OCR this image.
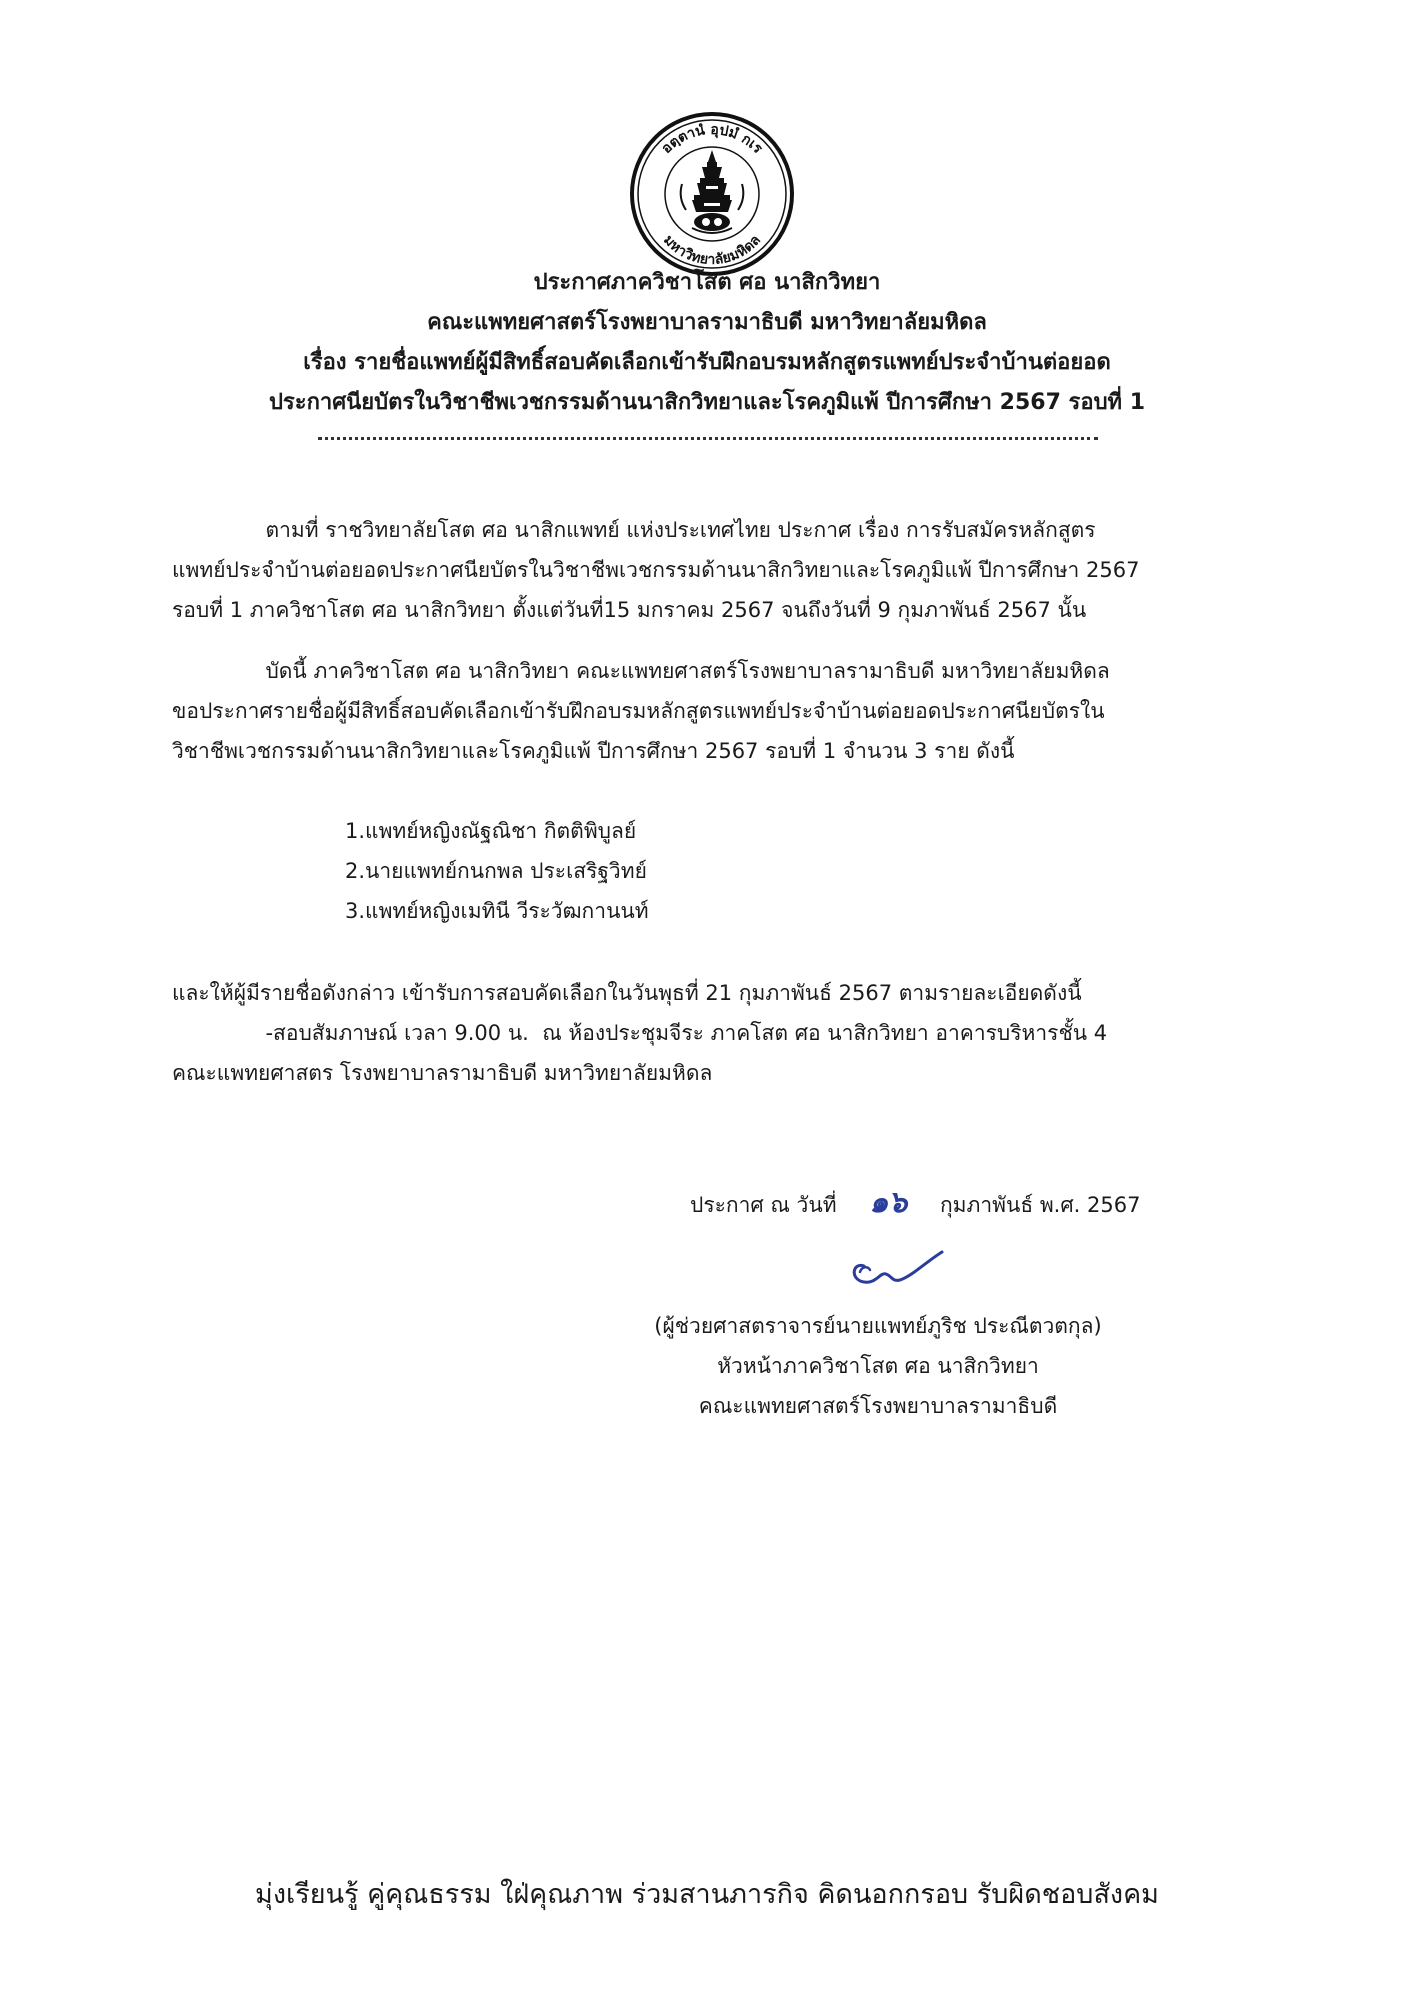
อตฺตานํ อุปมํ กเร
มหาวิทยาลัยมหิดล
ประกาศภาควิชาโสต ศอ นาสิกวิทยา
คณะแพทยศาสตร์โรงพยาบาลรามาธิบดี มหาวิทยาลัยมหิดล
เรื่อง รายชื่อแพทย์ผู้มีสิทธิ์สอบคัดเลือกเข้ารับฝึกอบรมหลักสูตรแพทย์ประจำบ้านต่อยอด
ประกาศนียบัตรในวิชาชีพเวชกรรมด้านนาสิกวิทยาและโรคภูมิแพ้ ปีการศึกษา 2567 รอบที่ 1
ตามที่ ราชวิทยาลัยโสต ศอ นาสิกแพทย์ แห่งประเทศไทย ประกาศ เรื่อง การรับสมัครหลักสูตร
แพทย์ประจำบ้านต่อยอดประกาศนียบัตรในวิชาชีพเวชกรรมด้านนาสิกวิทยาและโรคภูมิแพ้ ปีการศึกษา 2567
รอบที่ 1 ภาควิชาโสต ศอ นาสิกวิทยา ตั้งแต่วันที่15 มกราคม 2567 จนถึงวันที่ 9 กุมภาพันธ์ 2567 นั้น
บัดนี้ ภาควิชาโสต ศอ นาสิกวิทยา คณะแพทยศาสตร์โรงพยาบาลรามาธิบดี มหาวิทยาลัยมหิดล
ขอประกาศรายชื่อผู้มีสิทธิ์สอบคัดเลือกเข้ารับฝึกอบรมหลักสูตรแพทย์ประจำบ้านต่อยอดประกาศนียบัตรใน
วิชาชีพเวชกรรมด้านนาสิกวิทยาและโรคภูมิแพ้ ปีการศึกษา 2567 รอบที่ 1 จำนวน 3 ราย ดังนี้
1.แพทย์หญิงณัฐณิชา กิตติพิบูลย์
2.นายแพทย์กนกพล ประเสริฐวิทย์
3.แพทย์หญิงเมทินี วีระวัฒกานนท์
และให้ผู้มีรายชื่อดังกล่าว เข้ารับการสอบคัดเลือกในวันพุธที่ 21 กุมภาพันธ์ 2567 ตามรายละเอียดดังนี้
-สอบสัมภาษณ์ เวลา 9.00 น.  ณ ห้องประชุมจีระ ภาคโสต ศอ นาสิกวิทยา อาคารบริหารชั้น 4
คณะแพทยศาสตร โรงพยาบาลรามาธิบดี มหาวิทยาลัยมหิดล
ประกาศ ณ วันที่ ๑๖ กุมภาพันธ์ พ.ศ. 2567
(ผู้ช่วยศาสตราจารย์นายแพทย์ภูริช ประณีตวตกุล)
หัวหน้าภาควิชาโสต ศอ นาสิกวิทยา
คณะแพทยศาสตร์โรงพยาบาลรามาธิบดี
มุ่งเรียนรู้ คู่คุณธรรม ใฝ่คุณภาพ ร่วมสานภารกิจ คิดนอกกรอบ รับผิดชอบสังคม
